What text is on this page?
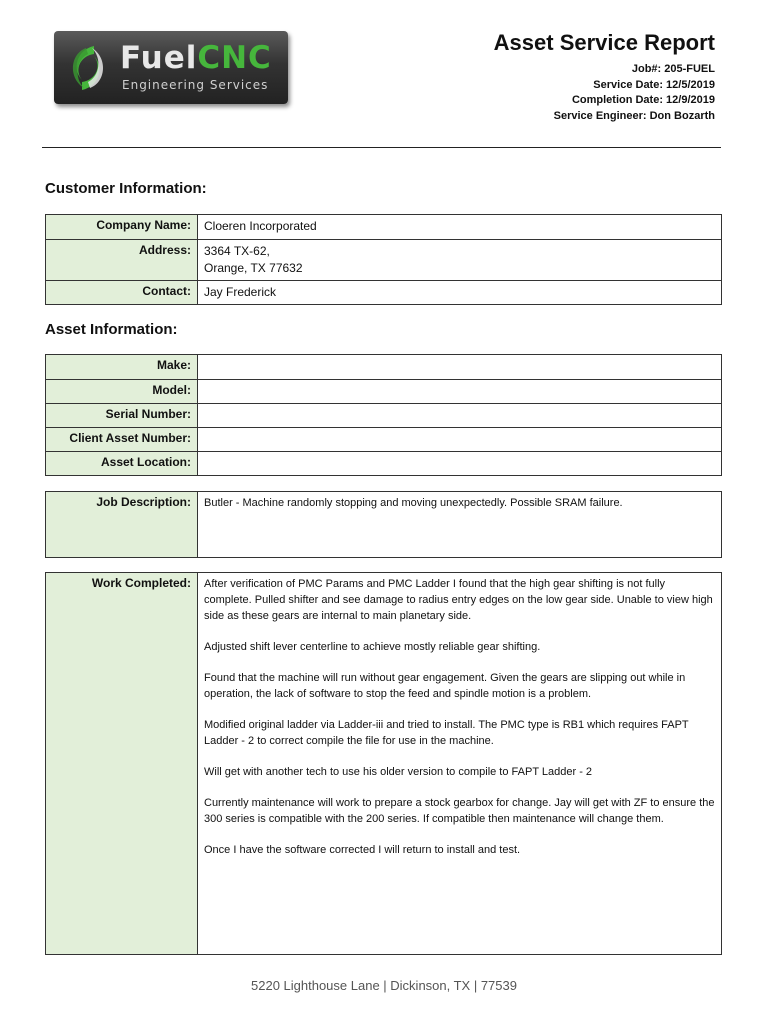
FuelCNC
Engineering Services
Asset Service Report
Job#: 205-FUEL
Service Date: 12/5/2019
Completion Date: 12/9/2019
Service Engineer: Don Bozarth
Customer Information:
Company Name:	Cloeren Incorporated
Address:	3364 TX-62,
Orange, TX 77632

Contact:	Jay Frederick
Asset Information:
Make:	
Model:	
Serial Number:	
Client Asset Number:	
Asset Location:	
Job Description:	Butler - Machine randomly stopping and moving unexpectedly. Possible SRAM failure.
Work Completed:	After verification of PMC Params and PMC Ladder I found that the high gear shifting is not fully complete. Pulled shifter and see damage to radius entry edges on the low gear side. Unable to view high side as these gears are internal to main planetary side.

Adjusted shift lever centerline to achieve mostly reliable gear shifting.

Found that the machine will run without gear engagement. Given the gears are slipping out while in operation, the lack of software to stop the feed and spindle motion is a problem.

Modified original ladder via Ladder-iii and tried to install. The PMC type is RB1 which requires FAPT Ladder - 2 to correct compile the file for use in the machine.

Will get with another tech to use his older version to compile to FAPT Ladder - 2

Currently maintenance will work to prepare a stock gearbox for change. Jay will get with ZF to ensure the 300 series is compatible with the 200 series. If compatible then maintenance will change them.

Once I have the software corrected I will return to install and test.

5220 Lighthouse Lane | Dickinson, TX | 77539
